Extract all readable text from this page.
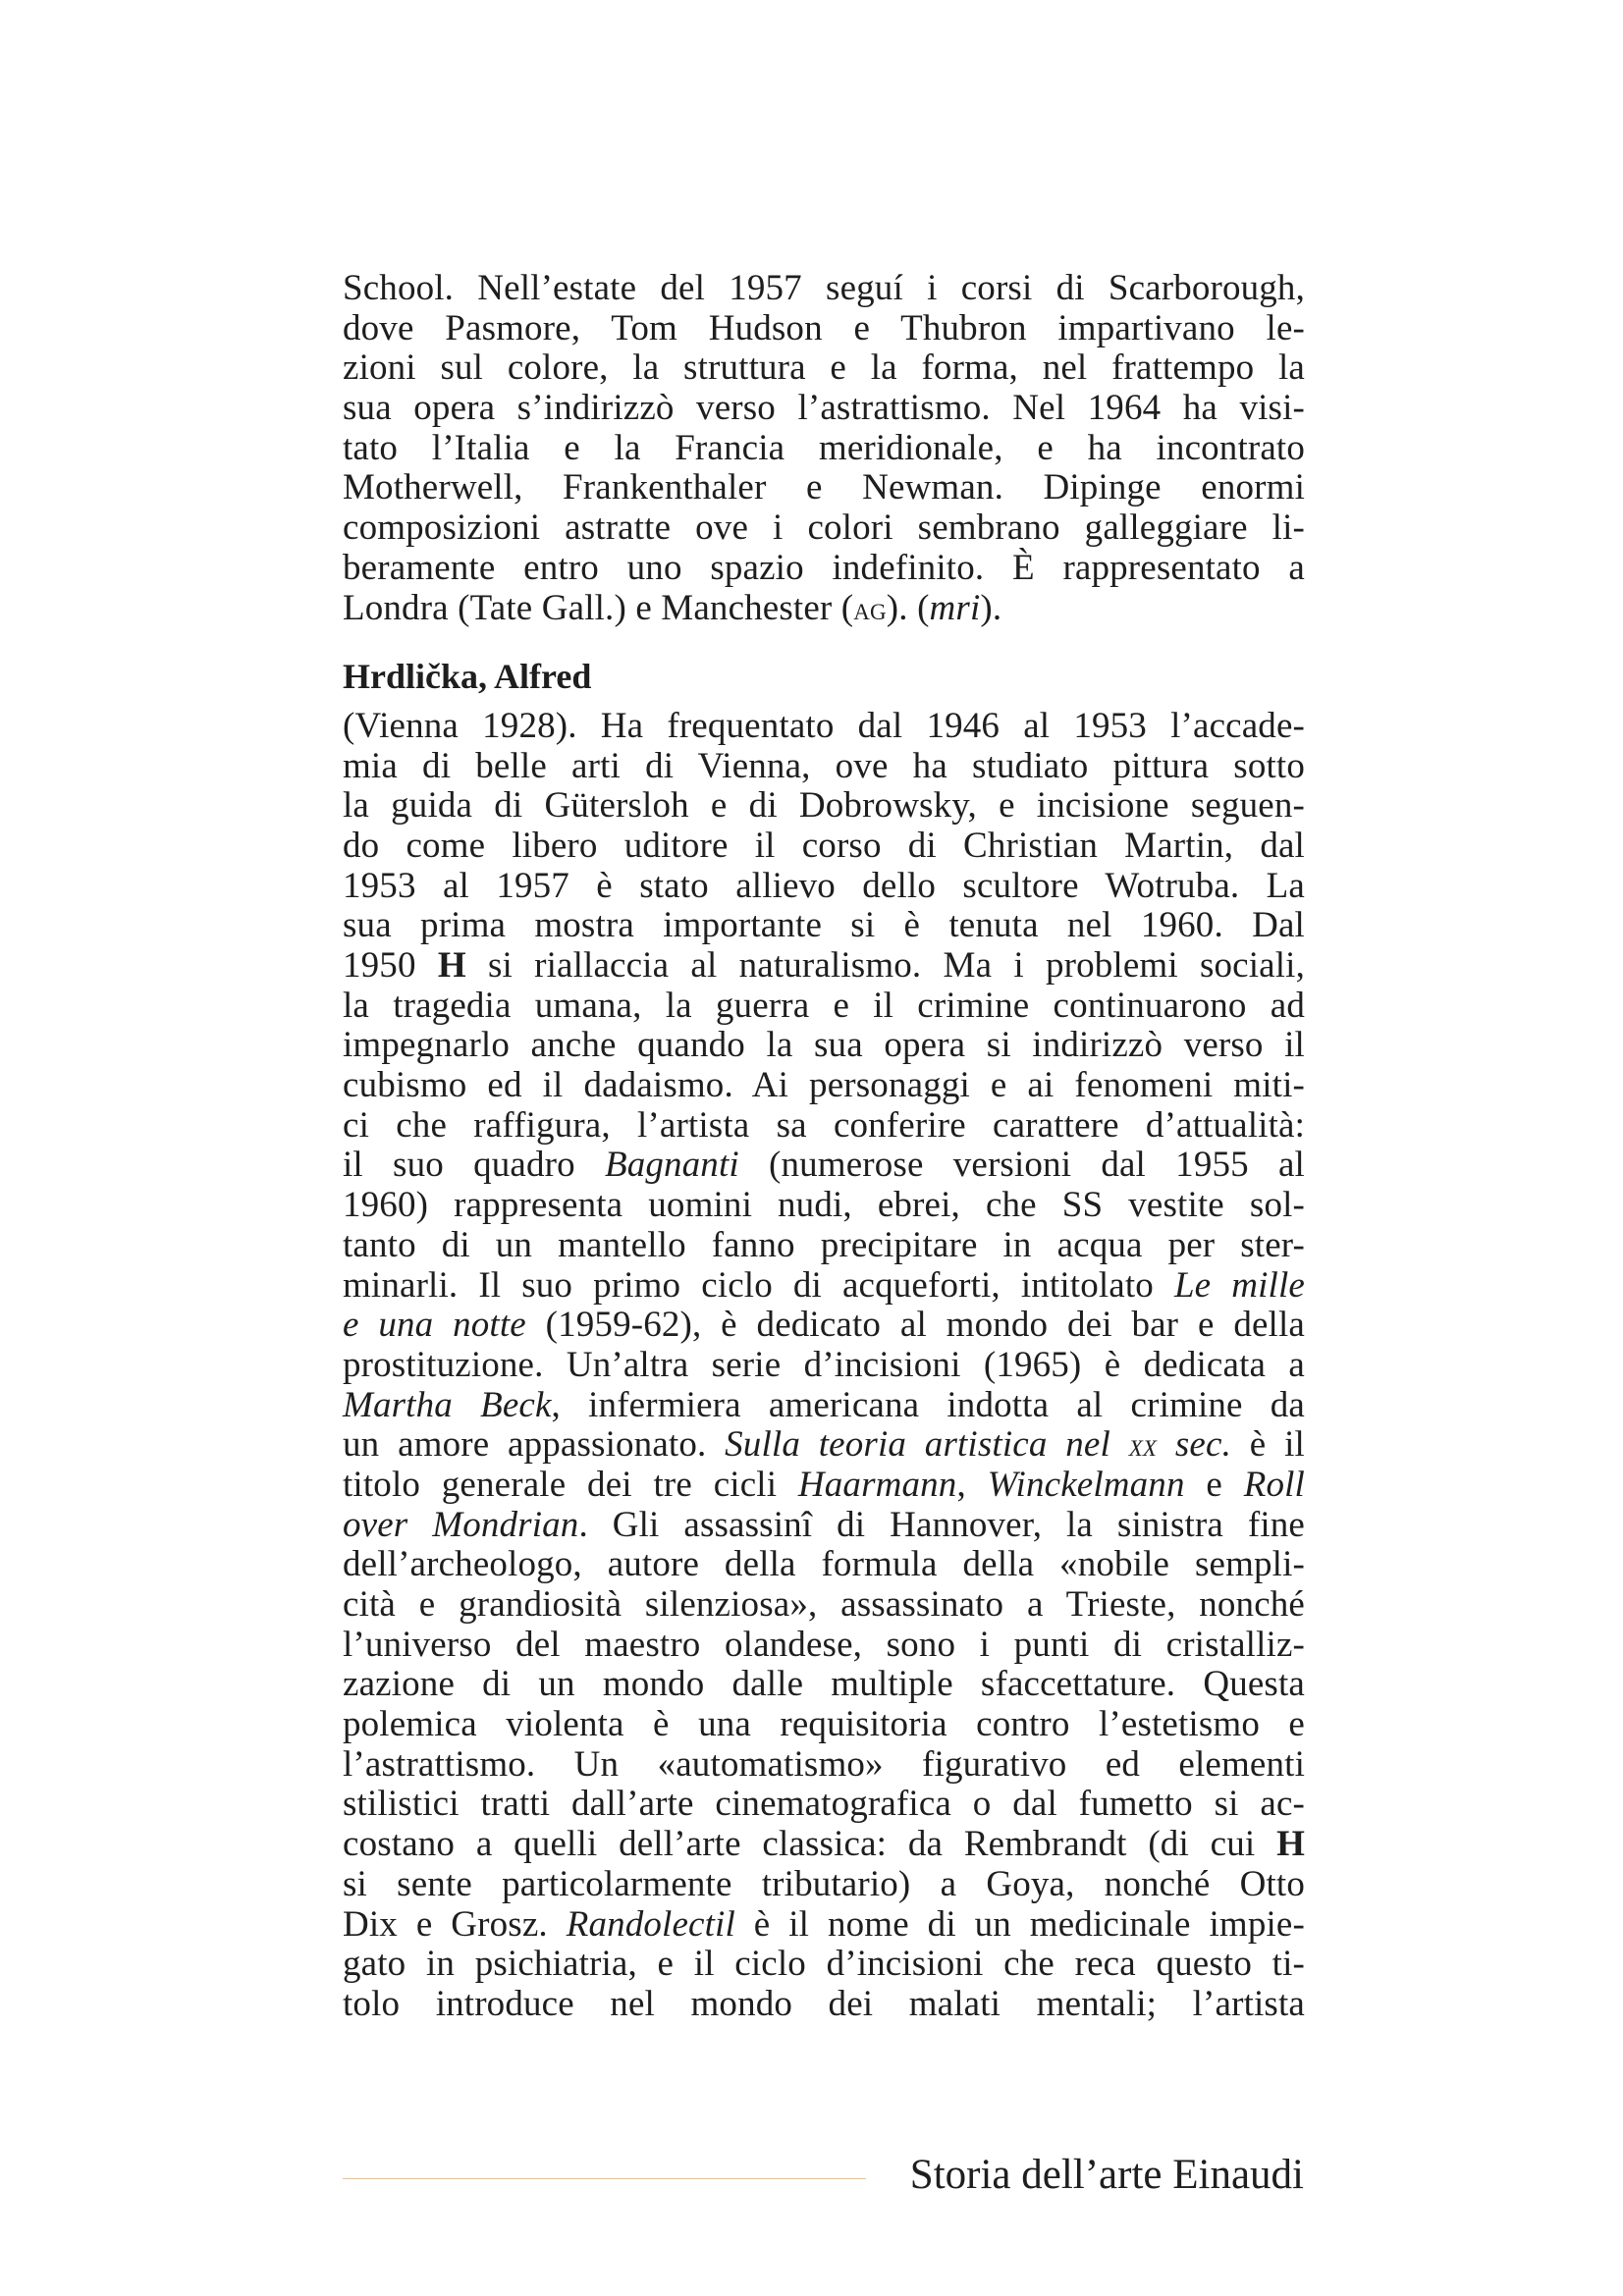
School. Nell’estate del 1957 seguí i corsi di Scarborough,
dove Pasmore, Tom Hudson e Thubron impartivano le-
zioni sul colore, la struttura e la forma, nel frattempo la
sua opera s’indirizzò verso l’astrattismo. Nel 1964 ha visi-
tato l’Italia e la Francia meridionale, e ha incontrato
Motherwell, Frankenthaler e Newman. Dipinge enormi
composizioni astratte ove i colori sembrano galleggiare li-
beramente entro uno spazio indefinito. È rappresentato a
Londra (Tate Gall.) e Manchester (ag). (mri).
Hrdlička, Alfred
(Vienna 1928). Ha frequentato dal 1946 al 1953 l’accade-
mia di belle arti di Vienna, ove ha studiato pittura sotto
la guida di Gütersloh e di Dobrowsky, e incisione seguen-
do come libero uditore il corso di Christian Martin, dal
1953 al 1957 è stato allievo dello scultore Wotruba. La
sua prima mostra importante si è tenuta nel 1960. Dal
1950 H si riallaccia al naturalismo. Ma i problemi sociali,
la tragedia umana, la guerra e il crimine continuarono ad
impegnarlo anche quando la sua opera si indirizzò verso il
cubismo ed il dadaismo. Ai personaggi e ai fenomeni miti-
ci che raffigura, l’artista sa conferire carattere d’attualità:
il suo quadro Bagnanti (numerose versioni dal 1955 al
1960) rappresenta uomini nudi, ebrei, che SS vestite sol-
tanto di un mantello fanno precipitare in acqua per ster-
minarli. Il suo primo ciclo di acqueforti, intitolato Le mille
e una notte (1959-62), è dedicato al mondo dei bar e della
prostituzione. Un’altra serie d’incisioni (1965) è dedicata a
Martha Beck, infermiera americana indotta al crimine da
un amore appassionato. Sulla teoria artistica nel xx sec. è il
titolo generale dei tre cicli Haarmann, Winckelmann e Roll
over Mondrian. Gli assassinî di Hannover, la sinistra fine
dell’archeologo, autore della formula della «nobile sempli-
cità e grandiosità silenziosa», assassinato a Trieste, nonché
l’universo del maestro olandese, sono i punti di cristalliz-
zazione di un mondo dalle multiple sfaccettature. Questa
polemica violenta è una requisitoria contro l’estetismo e
l’astrattismo. Un «automatismo» figurativo ed elementi
stilistici tratti dall’arte cinematografica o dal fumetto si ac-
costano a quelli dell’arte classica: da Rembrandt (di cui H
si sente particolarmente tributario) a Goya, nonché Otto
Dix e Grosz. Randolectil è il nome di un medicinale impie-
gato in psichiatria, e il ciclo d’incisioni che reca questo ti-
tolo introduce nel mondo dei malati mentali; l’artista
Storia dell’arte Einaudi
